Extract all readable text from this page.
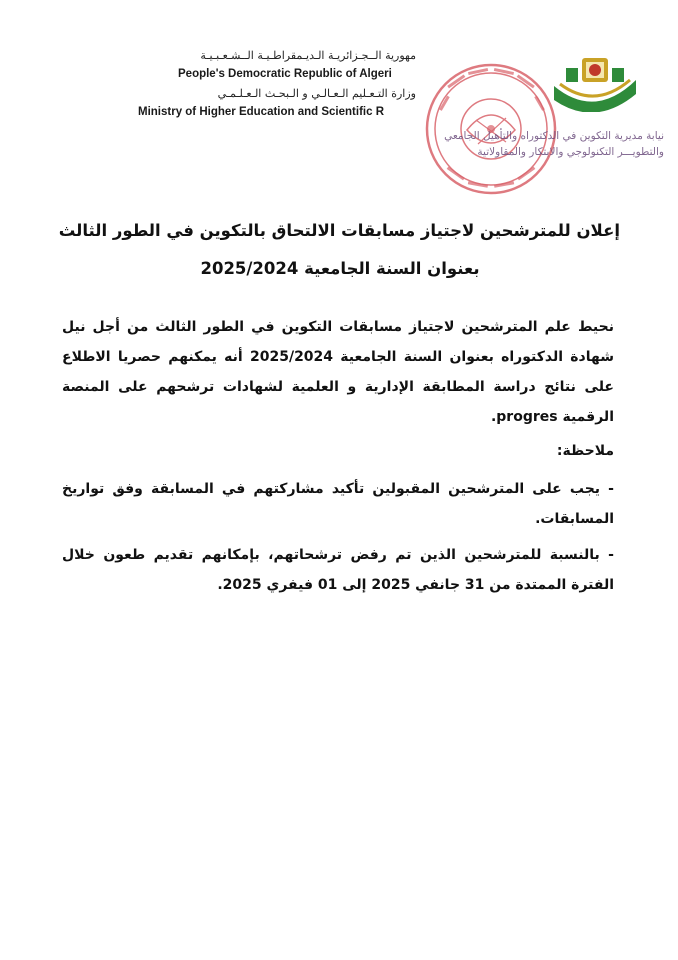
مهورية الــجـزائريـة الـديـمقراطـيـة الــشـعـبـيـة
People's Democratic Republic of Algeri
وزارة التـعـليم الـعـالـي و الـبحـث الـعـلـمـي
Ministry of Higher Education and Scientific R
نيابة مديرية التكوين في الدكتوراه والتأهيل الجامعي
والتطويـــر التكنولوجي والابتكار والمقاولاتية
إعلان للمترشحين لاجتياز مسابقات الالتحاق بالتكوين في الطور الثالث
بعنوان السنة الجامعية 2025/2024

نحيط علم المترشحين لاجتياز مسابقات التكوين في الطور الثالث من أجل نيل شهادة الدكتوراه بعنوان السنة الجامعية 2025/2024 أنه يمكنهم حصريا الاطلاع على نتائج دراسة المطابقة الإدارية و العلمية لشهادات ترشحهم على المنصة الرقمية progres.

ملاحظة:

- يجب على المترشحين المقبولين تأكيد مشاركتهم في المسابقة وفق تواريخ المسابقات.

- بالنسبة للمترشحين الذين تم رفض ترشحاتهم، بإمكانهم تقديم طعون خلال الفترة الممتدة من 31 جانفي 2025 إلى 01 فيفري 2025.
